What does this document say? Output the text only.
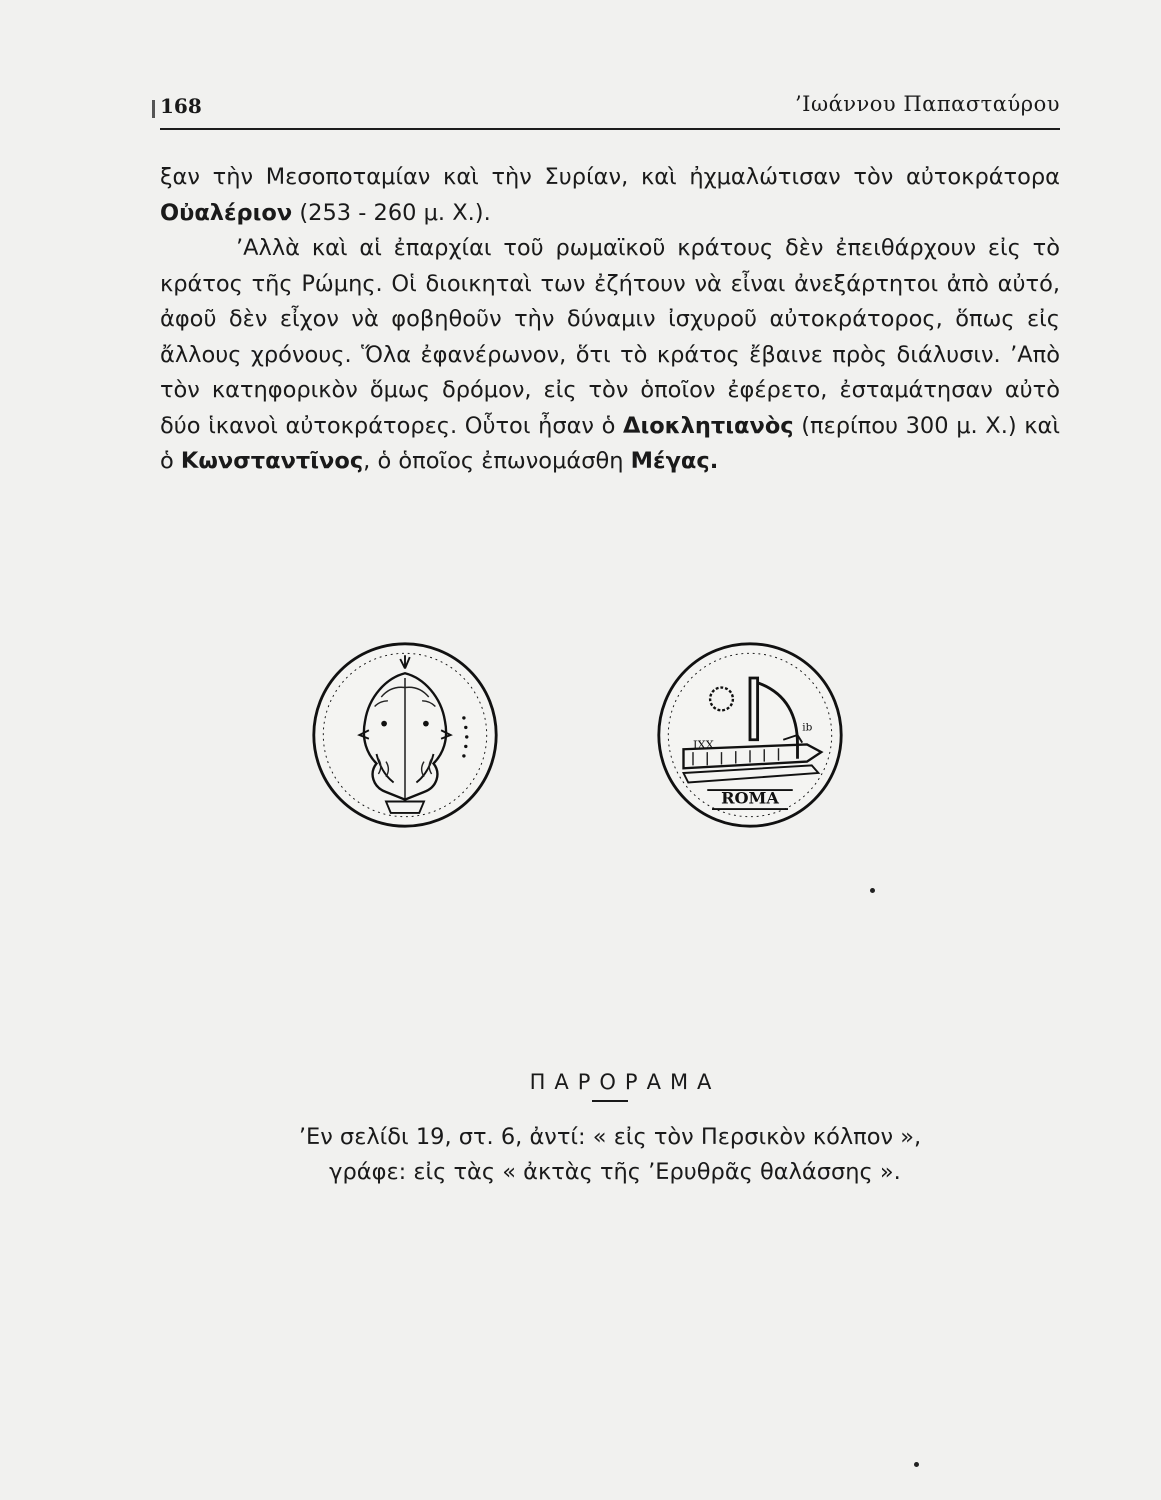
168	’Ιωάννου Παπασταύρου

ξαν τὴν Μεσοποταμίαν καὶ τὴν Συρίαν, καὶ ἠχμαλώτισαν τὸν αὐτοκράτορα Οὐαλέριον (253 - 260 μ. Χ.).

’Αλλὰ καὶ αἱ ἐπαρχίαι τοῦ ρωμαϊκοῦ κράτους δὲν ἐπειθάρχουν εἰς τὸ κράτος τῆς Ρώμης. Οἱ διοικηταὶ των ἐζήτουν νὰ εἶναι ἀνεξάρτητοι ἀπὸ αὐτό, ἀφοῦ δὲν εἶχον νὰ φοβηθοῦν τὴν δύναμιν ἰσχυροῦ αὐτοκράτορος, ὅπως εἰς ἄλλους χρόνους. Ὅλα ἐφανέρωνον, ὅτι τὸ κράτος ἔβαινε πρὸς διάλυσιν. ’Απὸ τὸν κατηφορικὸν ὅμως δρόμον, εἰς τὸν ὁποῖον ἐφέρετο, ἐσταμάτησαν αὐτὸ δύο ἱκανοὶ αὐτοκράτορες. Οὗτοι ἦσαν ὁ Διοκλητιανὸς (περίπου 300 μ. Χ.) καὶ ὁ Κωνσταντῖνος, ὁ ὁποῖος ἐπωνομάσθη Μέγας.

IXX
ib
ROMA
ΠΑΡΟΡΑΜΑ
’Εν σελίδι 19, στ. 6, ἀντί: « εἰς τὸν Περσικὸν κόλπον »,
γράφε: εἰς τὰς « ἀκτὰς τῆς ’Ερυθρᾶς θαλάσσης ».
